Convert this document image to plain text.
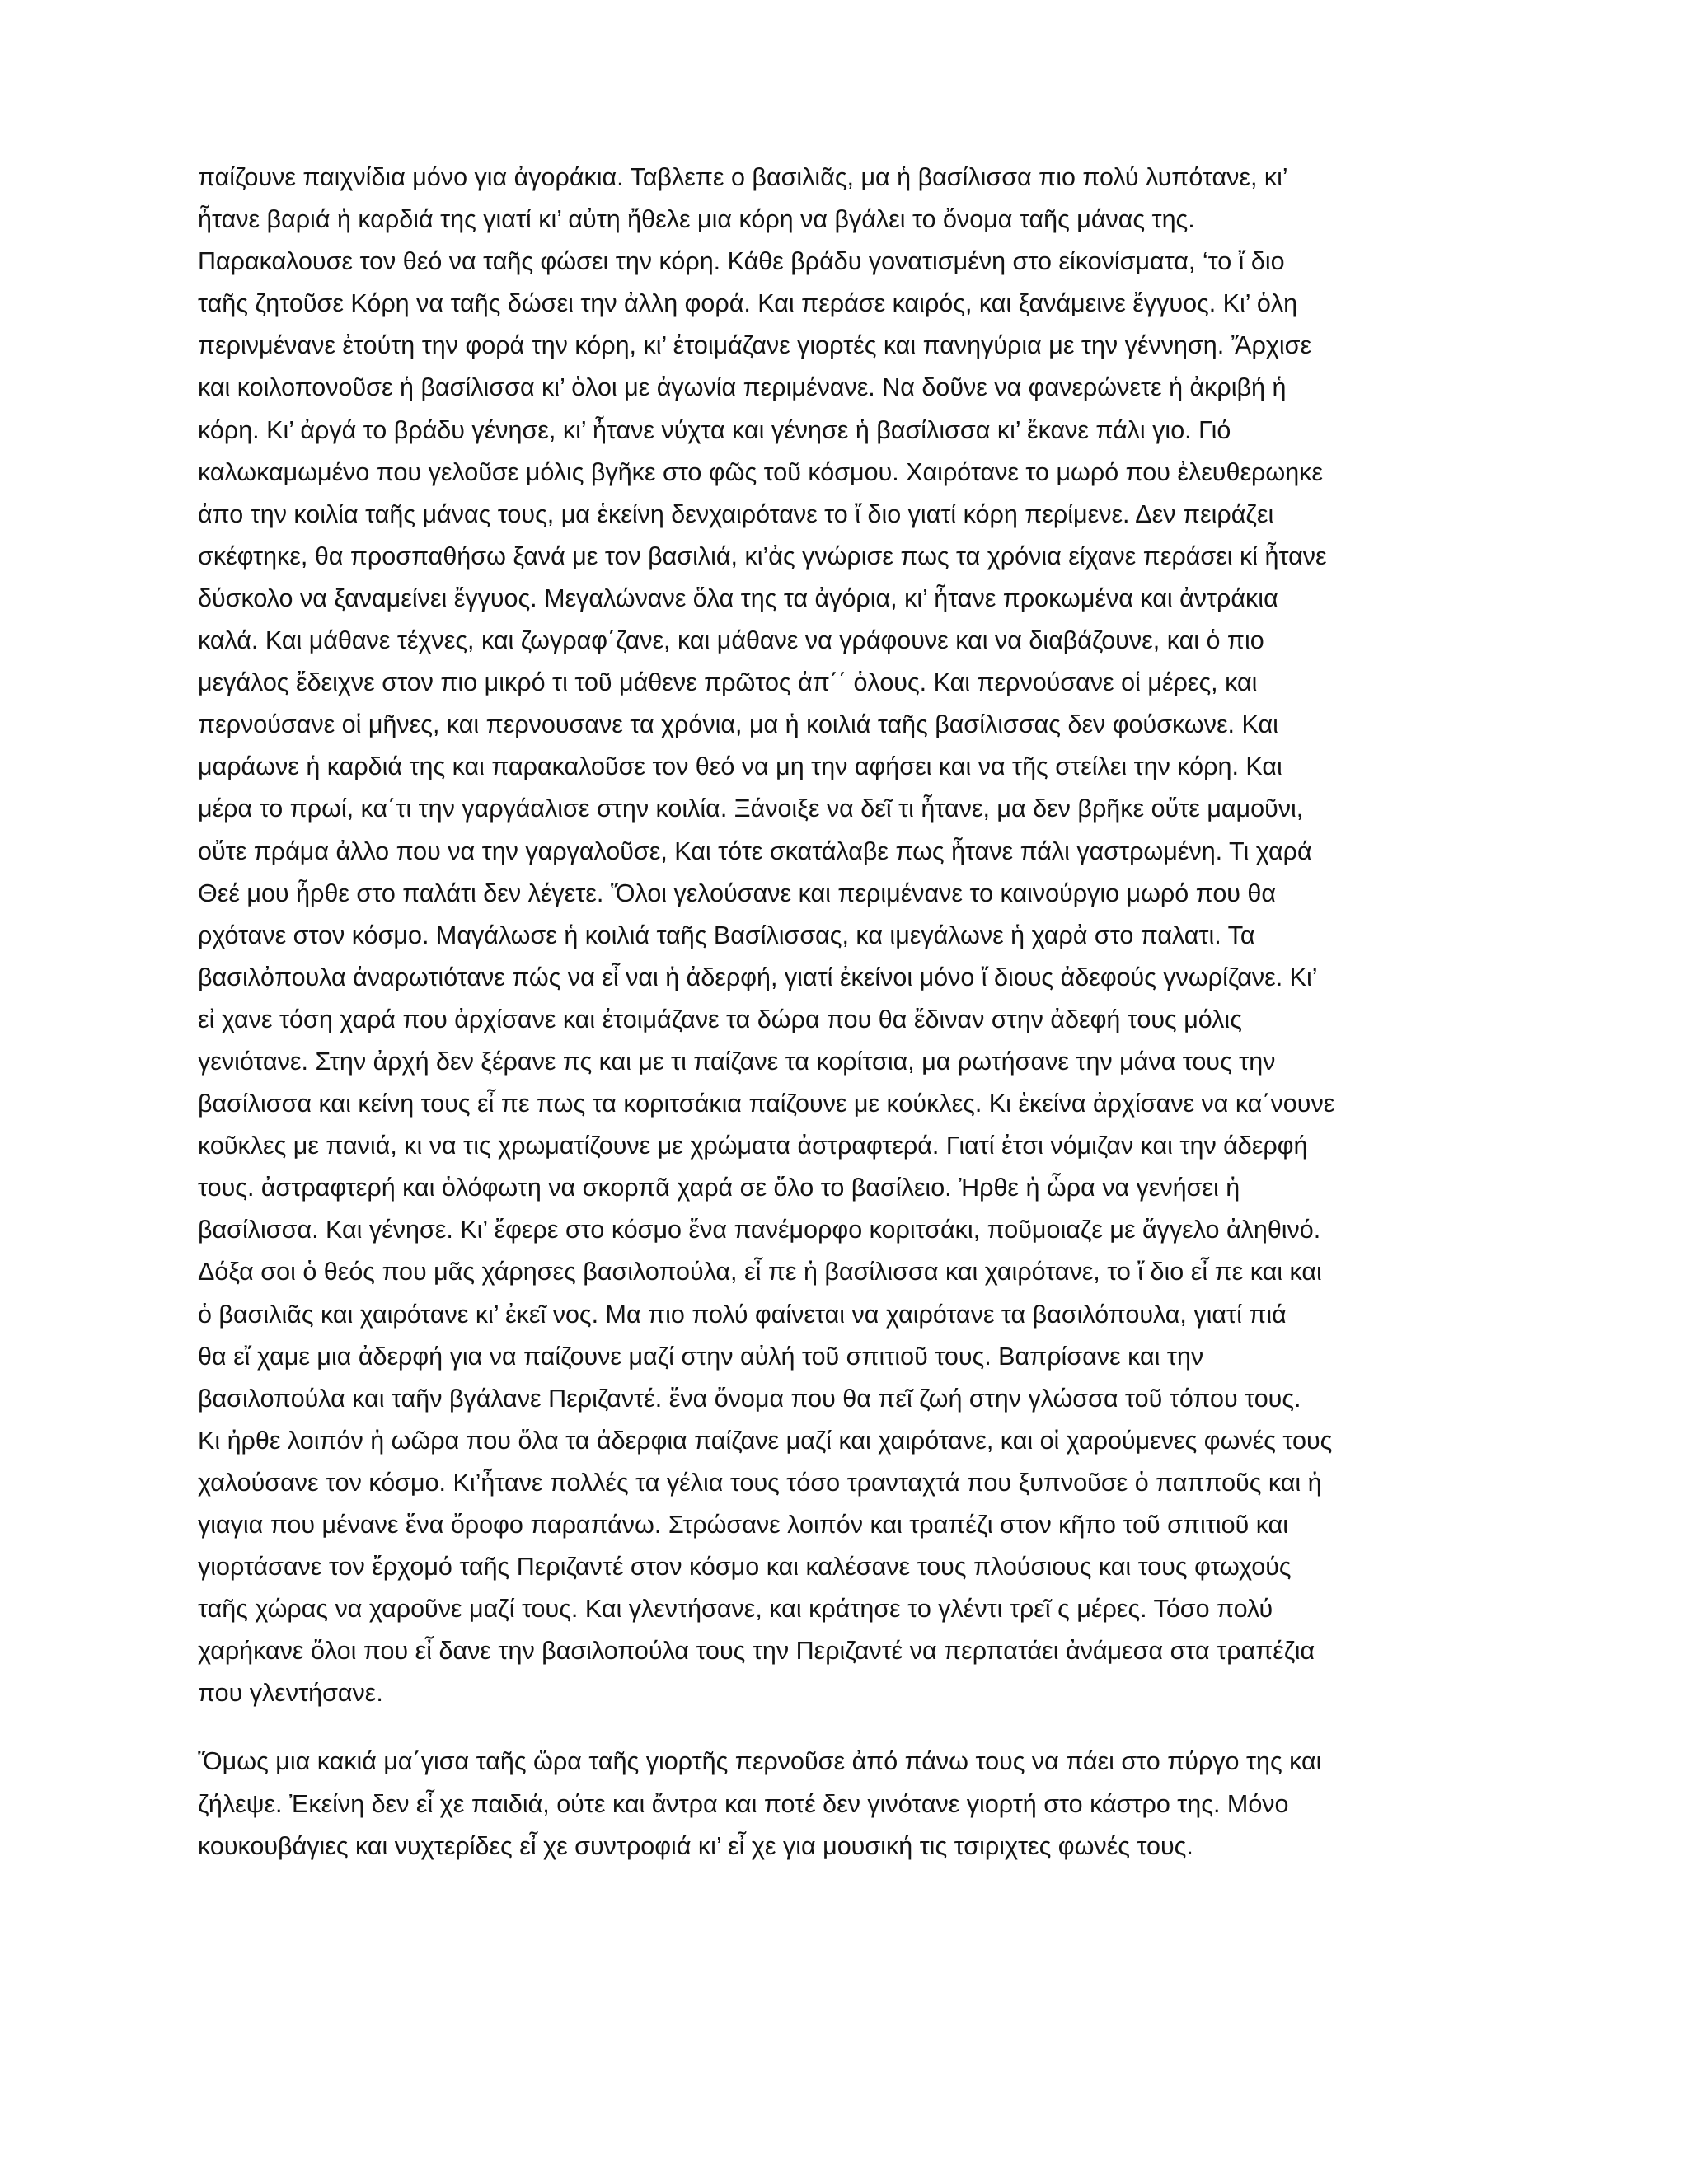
παίζουνε παιχνίδια μόνο για ἀγοράκια. Ταβλεπε ο βασιλιᾶς, μα ἡ βασίλισσα πιο πολύ λυπότανε, κι’
ἦτανε βαριά ἡ καρδιά της γιατί κι’ αὐτη ἤθελε μια κόρη να βγάλει το ὄνομα ταῆς μάνας της.
Παρακαλουσε τον θεό να ταῆς φώσει την κόρη. Κάθε βράδυ γονατισμένη στο είκονίσματα, ‘το ἴ διο
ταῆς ζητοῦσε Κόρη να ταῆς δώσει την ἀλλη φορά. Και περάσε καιρός, και ξανάμεινε ἔγγυος. Κι’ ὁλη
περινμένανε ἐτούτη την φορά την κόρη, κι’ ἐτοιμάζανε γιορτές και πανηγύρια με την γέννηση. Ἄρχισε
και κοιλοπονοῦσε ἡ βασίλισσα κι’ ὁλοι με ἀγωνία περιμένανε. Να δοῦνε να φανερώνετε ἡ ἀκριβή ἡ
κόρη. Κι’ ἀργά το βράδυ γένησε, κι’ ἦτανε νύχτα και γένησε ἡ βασίλισσα κι’ ἔκανε πάλι γιο. Γιό
καλωκαμωμένο που γελοῦσε μόλις βγῆκε στο φῶς τοῦ κόσμου. Χαιρότανε το μωρό που ἐλευθερωηκε
ἀπο την κοιλία ταῆς μάνας τους, μα ἑκείνη δενχαιρότανε το ἴ διο γιατί κόρη περίμενε. Δεν πειράζει
σκέφτηκε, θα προσπαθήσω ξανά με τον βασιλιά, κι’ἀς γνώρισε πως τα χρόνια είχανε περάσει κί ἦτανε
δύσκολο να ξαναμείνει ἔγγυος. Μεγαλώνανε ὅλα της τα ἀγόρια, κι’ ἦτανε προκωμένα και ἀντράκια
καλά. Και μάθανε τέχνες, και ζωγραφ΄ζανε, και μάθανε να γράφουνε και να διαβάζουνε, και ὁ πιο
μεγάλος ἔδειχνε στον πιο μικρό τι τοῦ μάθενε πρῶτος ἀπ΄΄ ὁλους. Και περνούσανε οἱ μέρες, και
περνούσανε οἱ μῆνες, και περνουσανε τα χρόνια, μα ἡ κοιλιά ταῆς βασίλισσας δεν φούσκωνε. Και
μαράωνε ἡ καρδιά της και παρακαλοῦσε τον θεό να μη την αφήσει και να τῆς στείλει την κόρη. Και
μέρα το πρωί, κα΄τι την γαργάαλισε στην κοιλία. Ξάνοιξε να δεῖ τι ἦτανε, μα δεν βρῆκε οὔτε μαμοῦνι,
οὔτε πράμα ἀλλο που να την γαργαλοῦσε, Και τότε σκατάλαβε πως ἦτανε πάλι γαστρωμένη. Τι χαρά
Θεέ μου ἦρθε στο παλάτι δεν λέγετε. Ὅλοι γελούσανε και περιμένανε το καινούργιο μωρό που θα
ρχότανε στον κόσμο. Μαγάλωσε ἡ κοιλιά ταῆς Βασίλισσας, κα ιμεγάλωνε ἡ χαρἀ στο παλατι. Τα
βασιλὀπουλα ἀναρωτιότανε πώς να εἶ ναι ἡ ἀδερφή, γιατί ἐκείνοι μόνο ἴ διους ἀδεφούς γνωρίζανε. Κι’
εἰ χανε τόση χαρά που ἀρχίσανε και ἐτοιμάζανε τα δώρα που θα ἔδιναν στην ἀδεφή τους μόλις
γενιότανε. Στην ἀρχή δεν ξέρανε πς και με τι παίζανε τα κορίτσια, μα ρωτήσανε την μάνα τους την
βασίλισσα και κείνη τους εἶ πε πως τα κοριτσάκια παίζουνε με κούκλες. Κι ἑκείνα ἀρχίσανε να κα΄νουνε
κοῦκλες με πανιά, κι να τις χρωματίζουνε με χρώματα ἀστραφτερά. Γιατί ἐτσι νόμιζαν και την άδερφή
τους. ἀστραφτερή και ὁλόφωτη να σκορπᾶ χαρά σε ὅλο το βασίλειο. Ἠρθε ἡ ὦρα να γενήσει ἡ
βασίλισσα. Και γένησε. Κι’ ἔφερε στο κόσμο ἕνα πανέμορφο κοριτσάκι, ποῦμοιαζε με ἄγγελο ἀληθινό.
Δόξα σοι ὁ θεός που μᾶς χάρησες βασιλοπούλα, εἶ πε ἡ βασίλισσα και χαιρότανε, το ἴ διο εἶ πε και και
ὁ βασιλιᾶς και χαιρότανε κι’ ἐκεῖ νος. Μα πιο πολύ φαίνεται να χαιρότανε τα βασιλόπουλα, γιατί πιά
θα εἴ χαμε μια ἀδερφή για να παίζουνε μαζί στην αὐλή τοῦ σπιτιοῦ τους. Βαπρίσανε και την
βασιλοπούλα και ταῆν βγάλανε Περιζαντέ. ἕνα ὄνομα που θα πεῖ ζωή στην γλώσσα τοῦ τόπου τους.
Κι ἠρθε λοιπόν ἡ ωῶρα που ὅλα τα ἀδερφια παίζανε μαζί και χαιρότανε, και οἱ χαρούμενες φωνές τους
χαλούσανε τον κόσμο. Κι’ἦτανε πολλές τα γέλια τους τόσο τρανταχτά που ξυπνοῦσε ὁ παπποῦς και ἡ
γιαγια που μένανε ἕνα ὄροφο παραπάνω. Στρώσανε λοιπόν και τραπέζι στον κῆπο τοῦ σπιτιοῦ και
γιορτάσανε τον ἔρχομό ταῆς Περιζαντέ στον κόσμο και καλέσανε τους πλούσιους και τους φτωχούς
ταῆς χώρας να χαροῦνε μαζί τους. Και γλεντήσανε, και κράτησε το γλέντι τρεῖ ς μέρες. Τόσο πολύ
χαρήκανε ὅλοι που εἶ δανε την βασιλοπούλα τους την Περιζαντέ να περπατάει ἀνάμεσα στα τραπέζια
που γλεντήσανε.
Ὅμως μια κακιά μα΄γισα ταῆς ὥρα ταῆς γιορτῆς περνοῦσε ἀπό πάνω τους να πάει στο πύργο της και
ζήλεψε. Ἐκείνη δεν εἶ χε παιδιά, ούτε και ἄντρα και ποτέ δεν γινότανε γιορτή στο κάστρο της. Μόνο
κουκουβάγιες και νυχτερίδες εἶ χε συντροφιά κι’ εἶ χε για μουσική τις τσιριχτες φωνές τους.
